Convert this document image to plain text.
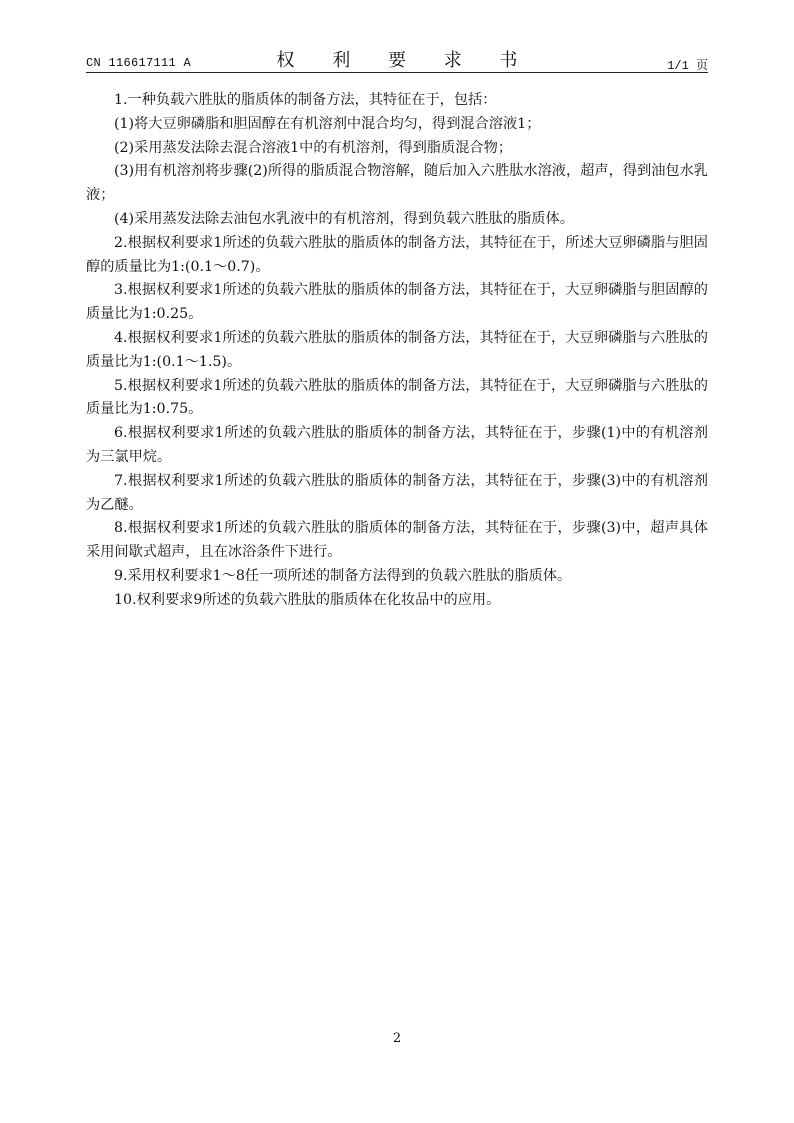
CN 116617111 A	权 利 要 求 书	1/1 页

1.一种负载六胜肽的脂质体的制备方法，其特征在于，包括：

(1)将大豆卵磷脂和胆固醇在有机溶剂中混合均匀，得到混合溶液1；

(2)采用蒸发法除去混合溶液1中的有机溶剂，得到脂质混合物；

(3)用有机溶剂将步骤(2)所得的脂质混合物溶解，随后加入六胜肽水溶液，超声，得到油包水乳液；

(4)采用蒸发法除去油包水乳液中的有机溶剂，得到负载六胜肽的脂质体。

2.根据权利要求1所述的负载六胜肽的脂质体的制备方法，其特征在于，所述大豆卵磷脂与胆固醇的质量比为1:(0.1～0.7)。

3.根据权利要求1所述的负载六胜肽的脂质体的制备方法，其特征在于，大豆卵磷脂与胆固醇的质量比为1:0.25。

4.根据权利要求1所述的负载六胜肽的脂质体的制备方法，其特征在于，大豆卵磷脂与六胜肽的质量比为1:(0.1～1.5)。

5.根据权利要求1所述的负载六胜肽的脂质体的制备方法，其特征在于，大豆卵磷脂与六胜肽的质量比为1:0.75。

6.根据权利要求1所述的负载六胜肽的脂质体的制备方法，其特征在于，步骤(1)中的有机溶剂为三氯甲烷。

7.根据权利要求1所述的负载六胜肽的脂质体的制备方法，其特征在于，步骤(3)中的有机溶剂为乙醚。

8.根据权利要求1所述的负载六胜肽的脂质体的制备方法，其特征在于，步骤(3)中，超声具体采用间歇式超声，且在冰浴条件下进行。

9.采用权利要求1～8任一项所述的制备方法得到的负载六胜肽的脂质体。

10.权利要求9所述的负载六胜肽的脂质体在化妆品中的应用。

2
